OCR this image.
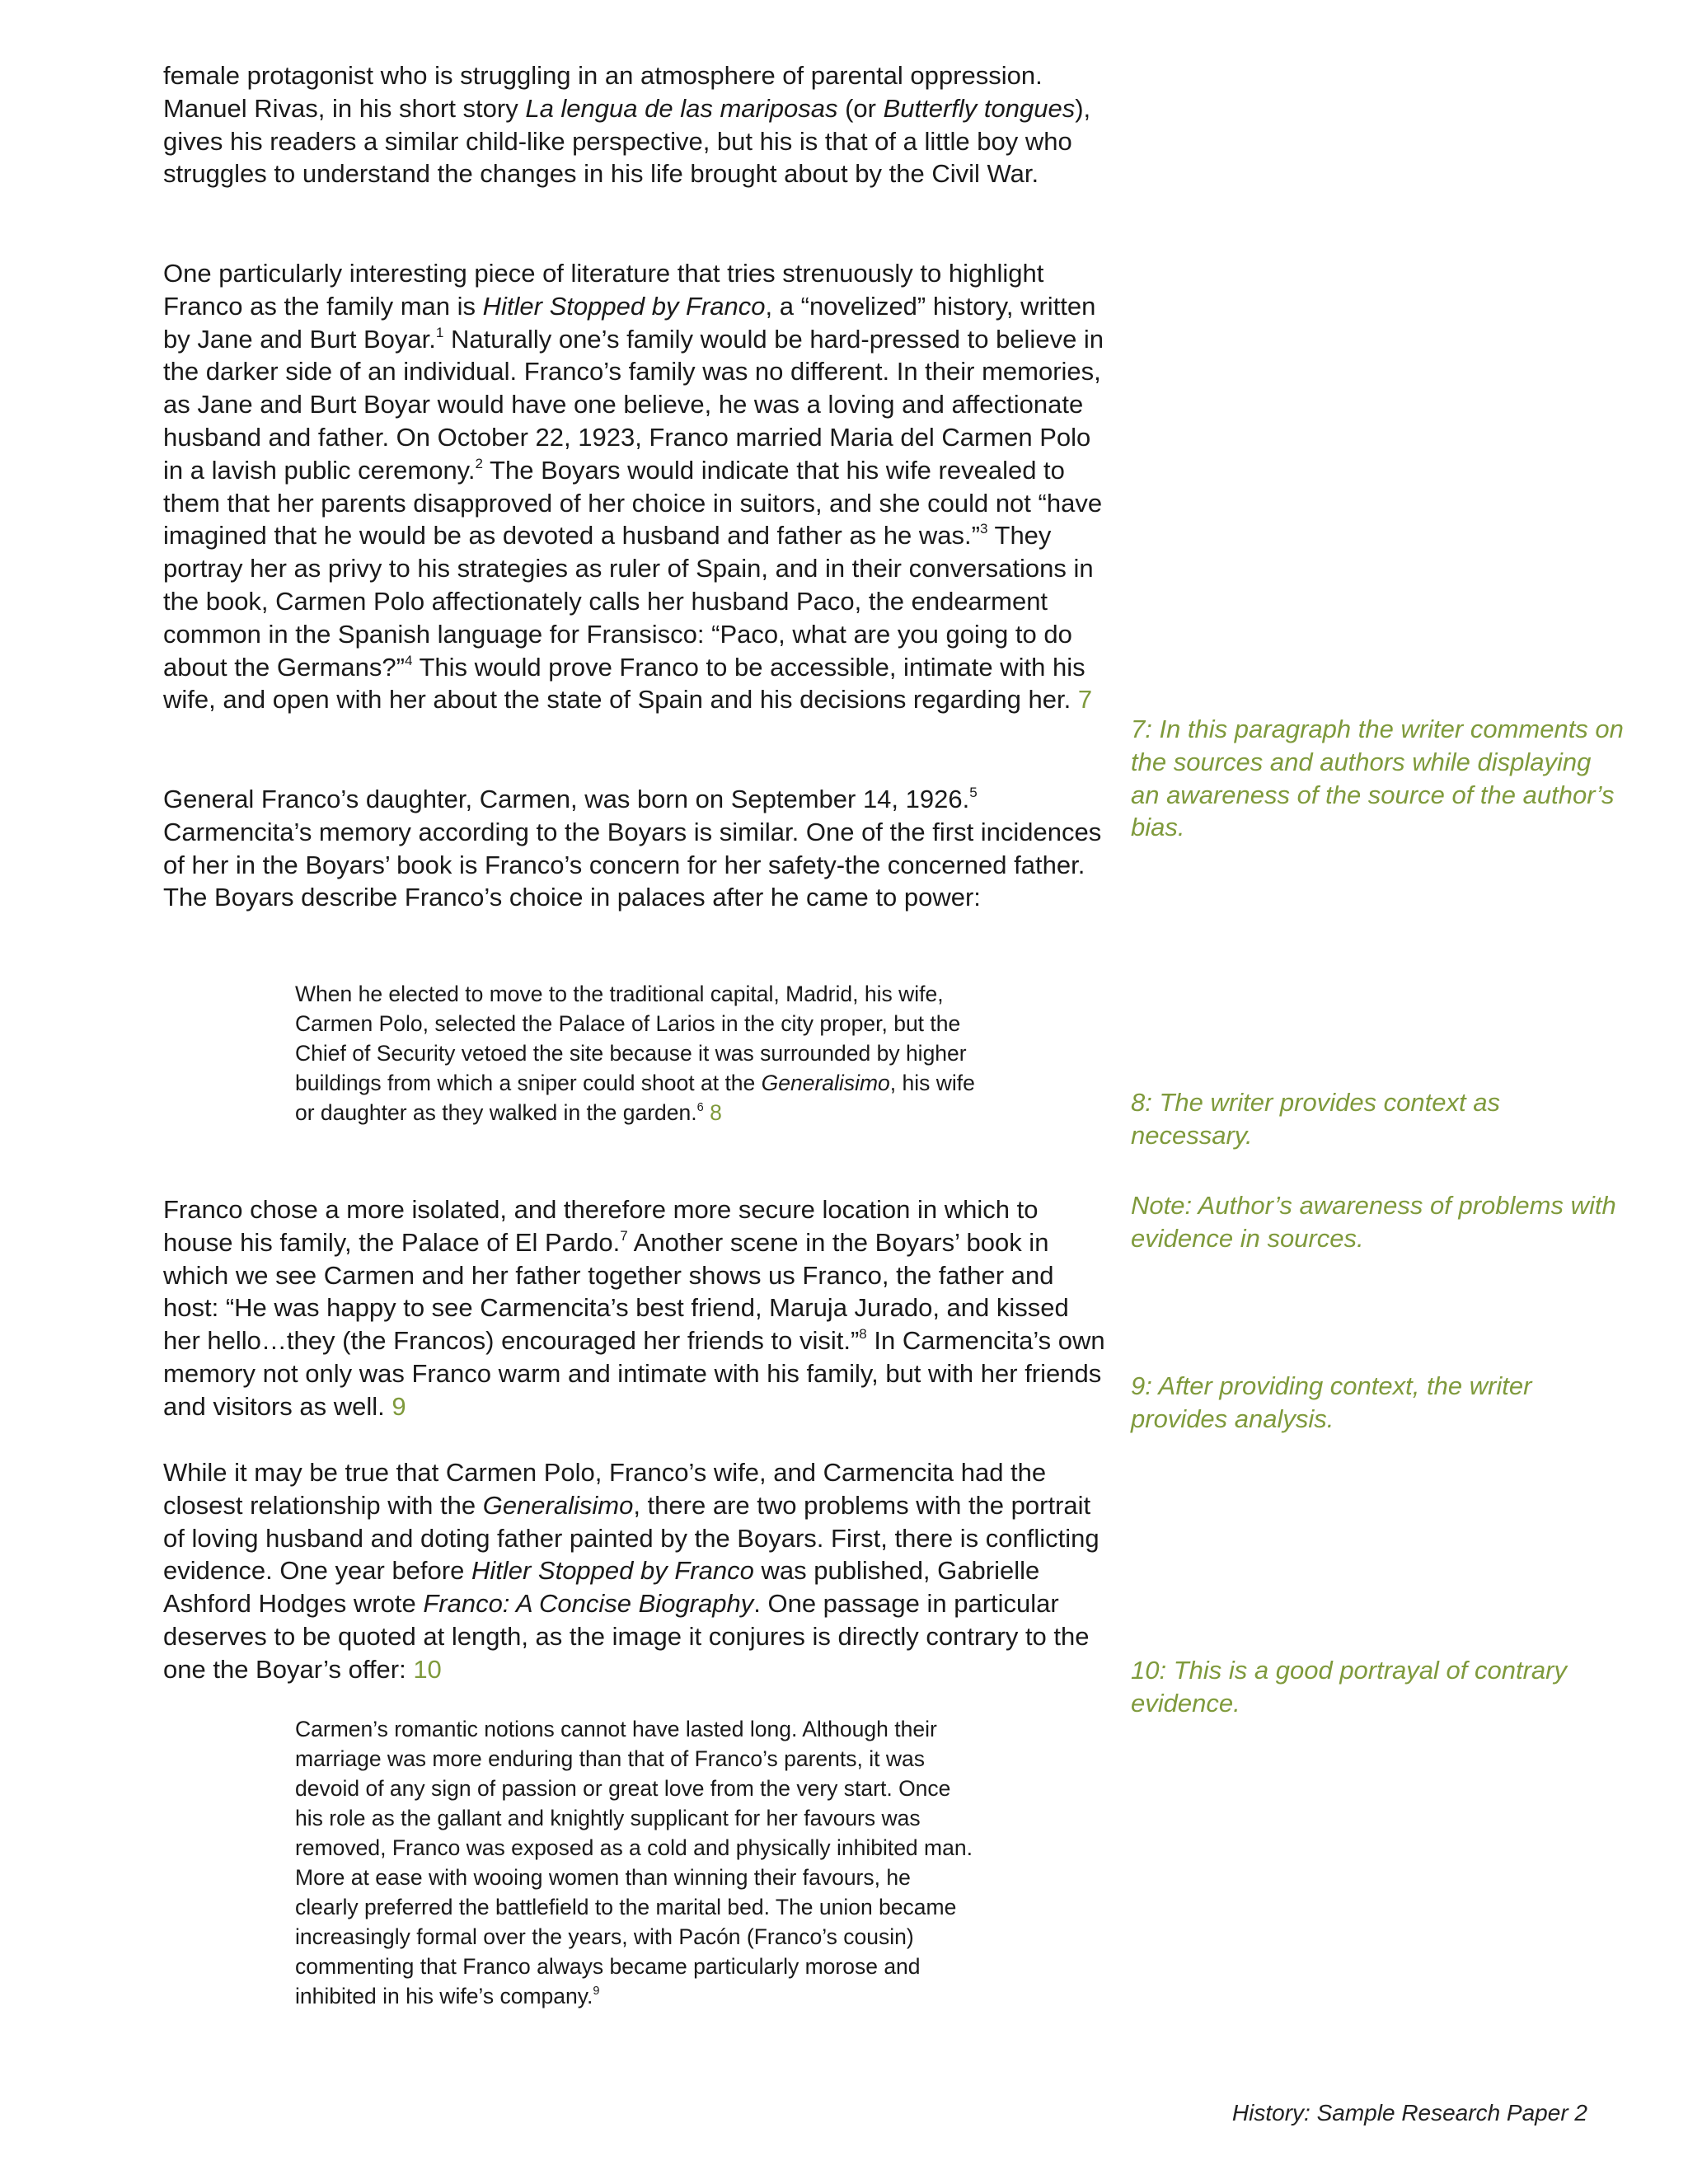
female protagonist who is struggling in an atmosphere of parental oppression. Manuel Rivas, in his short story La lengua de las mariposas (or Butterfly tongues), gives his readers a similar child-like perspective, but his is that of a little boy who struggles to understand the changes in his life brought about by the Civil War.

One particularly interesting piece of literature that tries strenuously to highlight Franco as the family man is Hitler Stopped by Franco, a “novelized” history, written by Jane and Burt Boyar.$^1$ Naturally one’s family would be hard-pressed to believe in the darker side of an individual. Franco’s family was no different. In their memories, as Jane and Burt Boyar would have one believe, he was a loving and affectionate husband and father. On October 22, 1923, Franco married Maria del Carmen Polo in a lavish public ceremony.$^2$ The Boyars would indicate that his wife revealed to them that her parents disapproved of her choice in suitors, and she could not “have imagined that he would be as devoted a husband and father as he was.”$^3$ They portray her as privy to his strategies as ruler of Spain, and in their conversations in the book, Carmen Polo affectionately calls her husband Paco, the endearment common in the Spanish language for Fransisco: “Paco, what are you going to do about the Germans?”$^4$ This would prove Franco to be accessible, intimate with his wife, and open with her about the state of Spain and his decisions regarding her. 7

General Franco’s daughter, Carmen, was born on September 14, 1926.$^5$ Carmencita’s memory according to the Boyars is similar. One of the first incidences of her in the Boyars’ book is Franco’s concern for her safety-the concerned father. The Boyars describe Franco’s choice in palaces after he came to power:

When he elected to move to the traditional capital, Madrid, his wife, Carmen Polo, selected the Palace of Larios in the city proper, but the Chief of Security vetoed the site because it was surrounded by higher buildings from which a sniper could shoot at the Generalisimo, his wife or daughter as they walked in the garden.$^6$ 8

Franco chose a more isolated, and therefore more secure location in which to house his family, the Palace of El Pardo.$^7$ Another scene in the Boyars’ book in which we see Carmen and her father together shows us Franco, the father and host: “He was happy to see Carmencita’s best friend, Maruja Jurado, and kissed her hello…they (the Francos) encouraged her friends to visit.”$^8$ In Carmencita’s own memory not only was Franco warm and intimate with his family, but with her friends and visitors as well. 9

While it may be true that Carmen Polo, Franco’s wife, and Carmencita had the closest relationship with the Generalisimo, there are two problems with the portrait of loving husband and doting father painted by the Boyars. First, there is conflicting evidence. One year before Hitler Stopped by Franco was published, Gabrielle Ashford Hodges wrote Franco: A Concise Biography. One passage in particular deserves to be quoted at length, as the image it conjures is directly contrary to the one the Boyar’s offer: 10

Carmen’s romantic notions cannot have lasted long. Although their marriage was more enduring than that of Franco’s parents, it was devoid of any sign of passion or great love from the very start. Once his role as the gallant and knightly supplicant for her favours was removed, Franco was exposed as a cold and physically inhibited man. More at ease with wooing women than winning their favours, he clearly preferred the battlefield to the marital bed. The union became increasingly formal over the years, with Pacón (Franco’s cousin) commenting that Franco always became particularly morose and inhibited in his wife’s company.$^9$

7: In this paragraph the writer comments on the sources and authors while displaying an awareness of the source of the author’s bias.
8: The writer provides context as necessary.
Note: Author’s awareness of problems with evidence in sources.
9: After providing context, the writer provides analysis.
10: This is a good portrayal of contrary evidence.
History: Sample Research Paper 2
